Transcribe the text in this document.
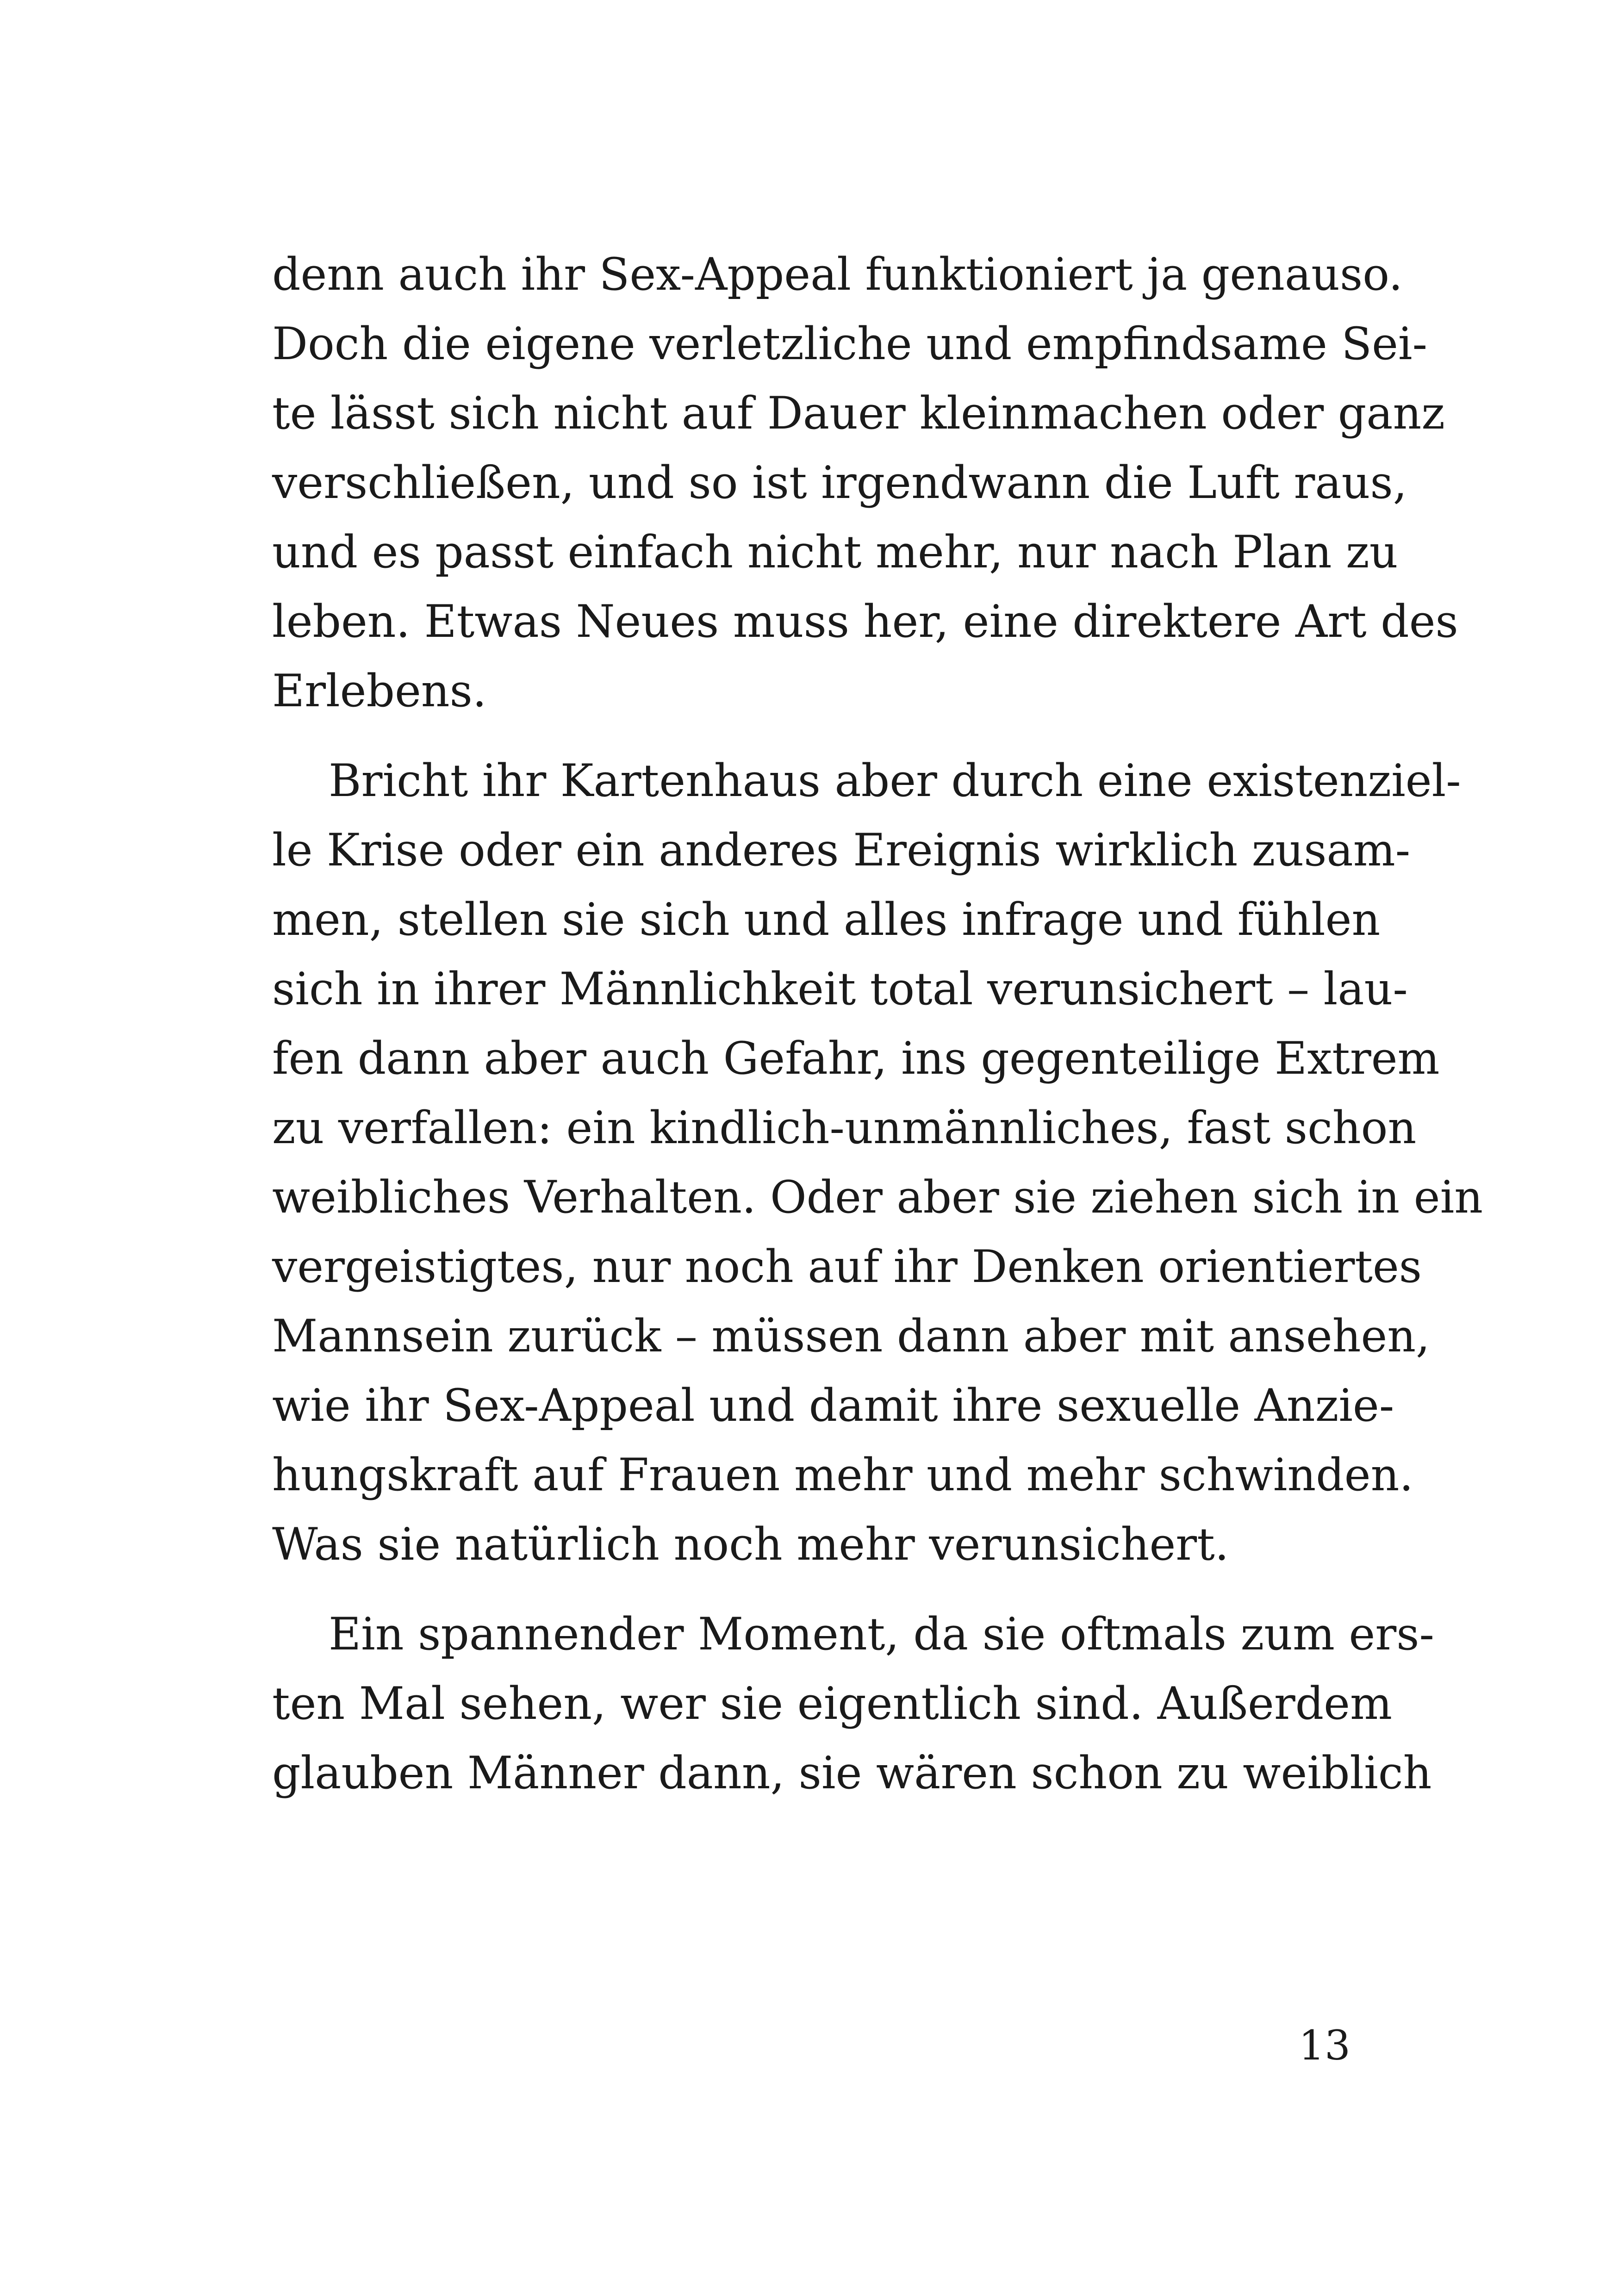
denn auch ihr Sex-Appeal funktioniert ja genauso.
Doch die eigene verletzliche und empfindsame Sei-
te lässt sich nicht auf Dauer kleinmachen oder ganz
verschließen, und so ist irgendwann die Luft raus,
und es passt einfach nicht mehr, nur nach Plan zu
leben. Etwas Neues muss her, eine direktere Art des
Erlebens.
Bricht ihr Kartenhaus aber durch eine existenziel-
le Krise oder ein anderes Ereignis wirklich zusam-
men, stellen sie sich und alles infrage und fühlen
sich in ihrer Männlichkeit total verunsichert – lau-
fen dann aber auch Gefahr, ins gegenteilige Extrem
zu verfallen: ein kindlich-unmännliches, fast schon
weibliches Verhalten. Oder aber sie ziehen sich in ein
vergeistigtes, nur noch auf ihr Denken orientiertes
Mannsein zurück – müssen dann aber mit ansehen,
wie ihr Sex-Appeal und damit ihre sexuelle Anzie-
hungskraft auf Frauen mehr und mehr schwinden.
Was sie natürlich noch mehr verunsichert.
Ein spannender Moment, da sie oftmals zum ers-
ten Mal sehen, wer sie eigentlich sind. Außerdem
glauben Männer dann, sie wären schon zu weiblich
13
